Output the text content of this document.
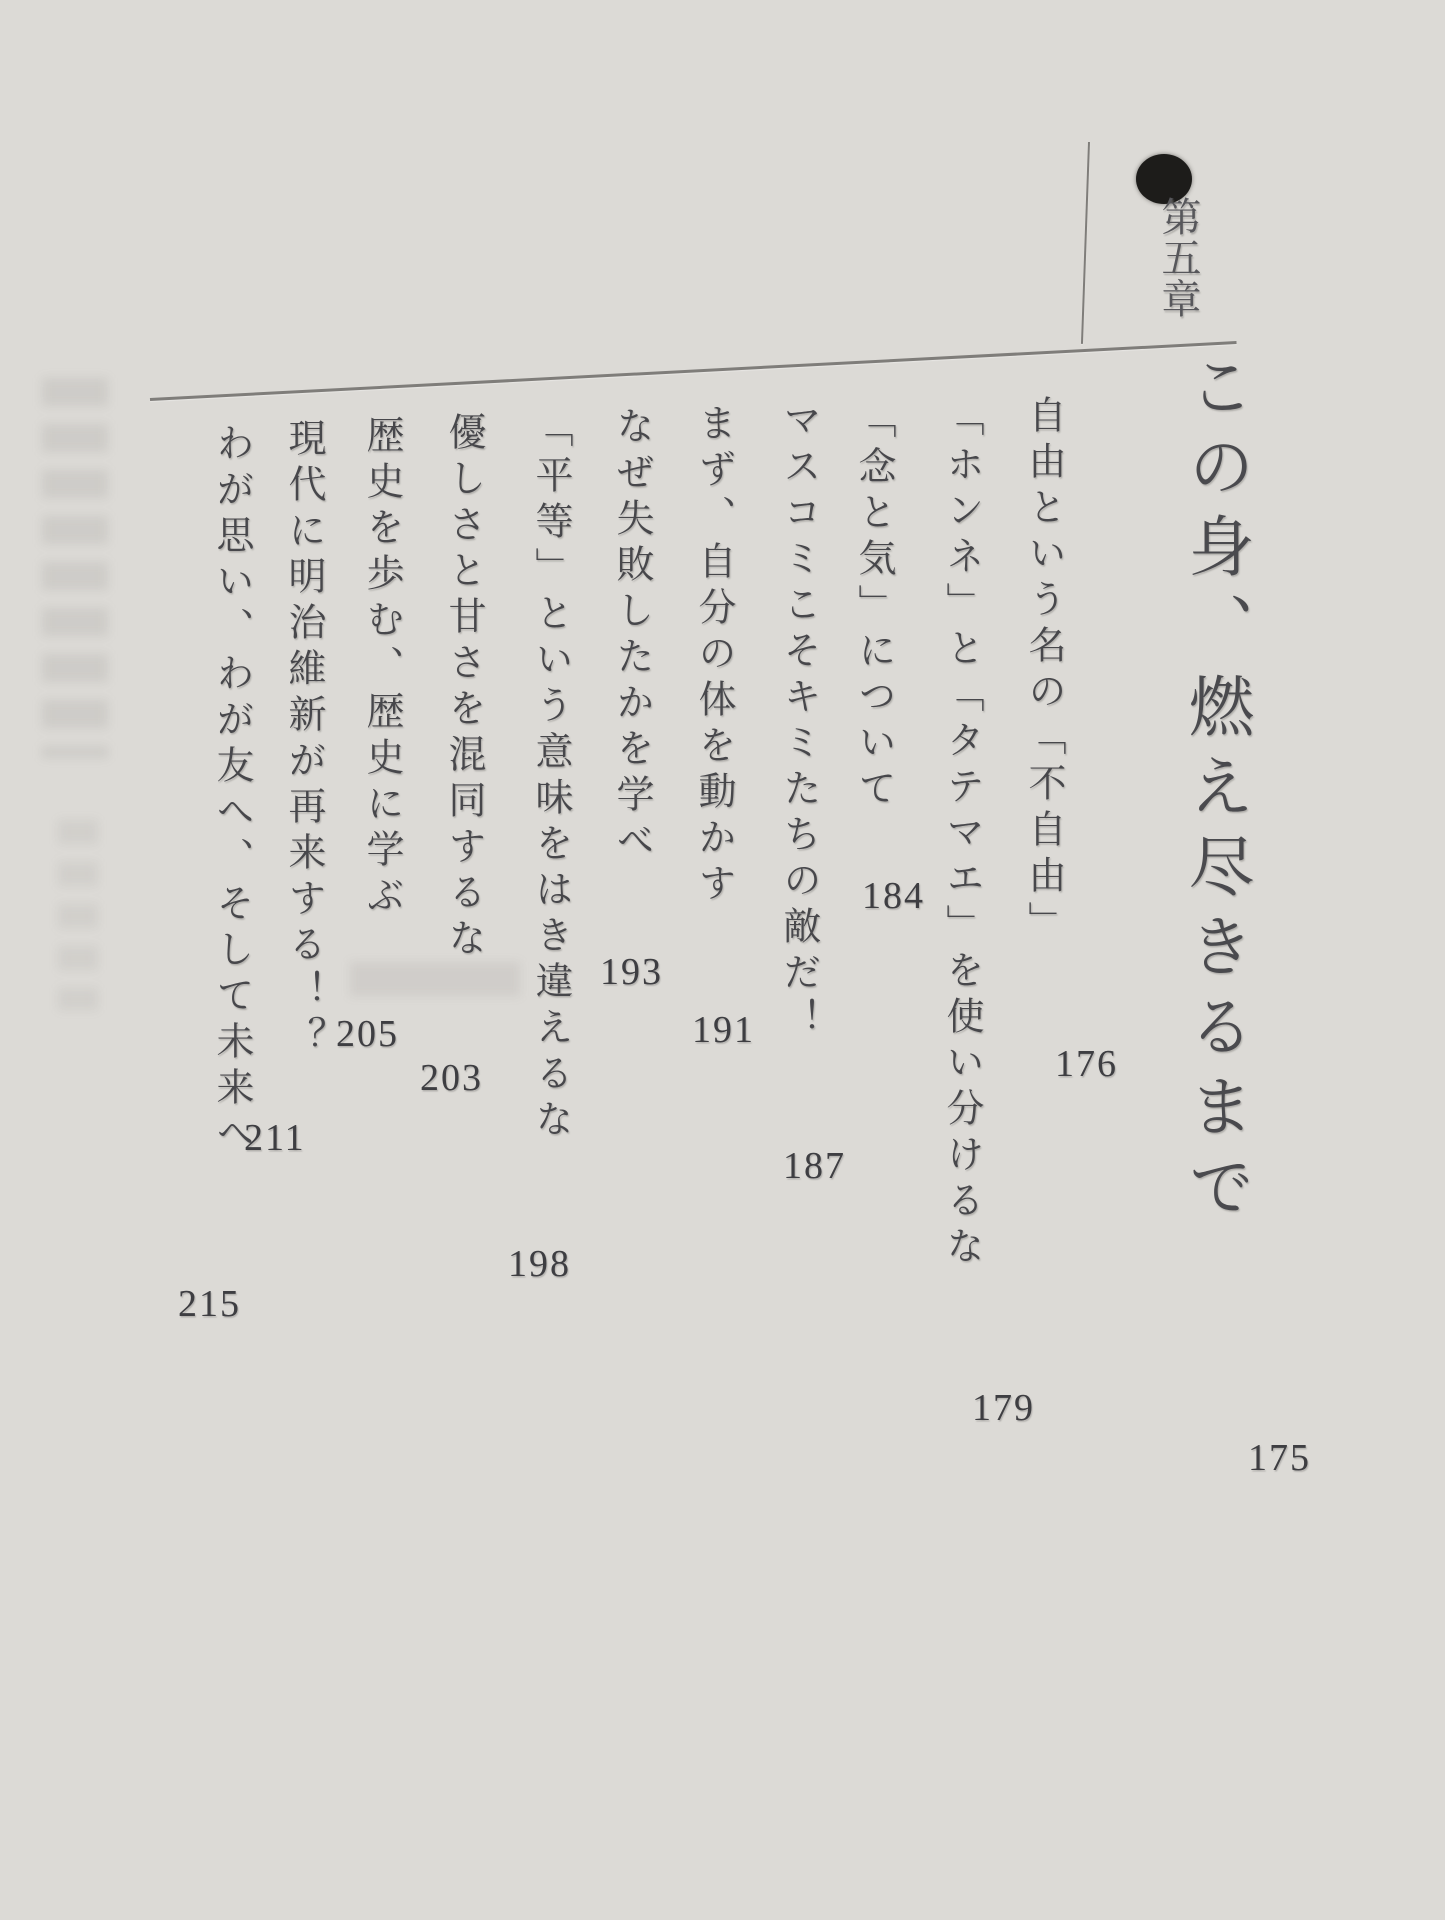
第五章
この身、燃え尽きるまで
自由という名の「不自由」
「ホンネ」と「タテマエ」を使い分けるな
「念と気」について
マスコミこそキミたちの敵だ！
まず、自分の体を動かす
なぜ失敗したかを学べ
「平等」という意味をはき違えるな
優しさと甘さを混同するな
歴史を歩む、歴史に学ぶ
現代に明治維新が再来する！？
わが思い、わが友へ、そして未来へ	176
179
184
187
191
193
198
203
205
211
215
175
